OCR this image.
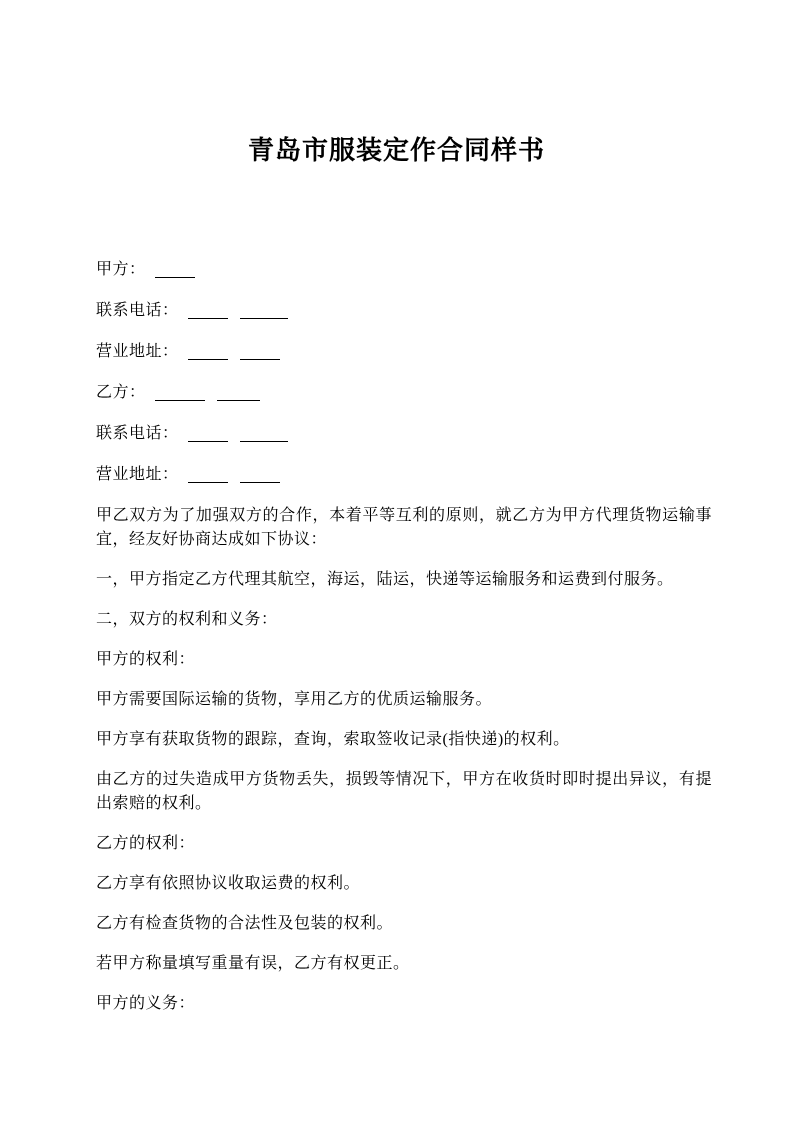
青岛市服装定作合同样书
甲方：
联系电话：
营业地址：
乙方：
联系电话：
营业地址：

甲乙双方为了加强双方的合作，本着平等互利的原则，就乙方为甲方代理货物运输事宜，经友好协商达成如下协议：

一，甲方指定乙方代理其航空，海运，陆运，快递等运输服务和运费到付服务。

二，双方的权利和义务：

甲方的权利：

甲方需要国际运输的货物，享用乙方的优质运输服务。

甲方享有获取货物的跟踪，查询，索取签收记录(指快递)的权利。

由乙方的过失造成甲方货物丢失，损毁等情况下，甲方在收货时即时提出异议，有提出索赔的权利。

乙方的权利：

乙方享有依照协议收取运费的权利。

乙方有检查货物的合法性及包装的权利。

若甲方称量填写重量有误，乙方有权更正。

甲方的义务：
